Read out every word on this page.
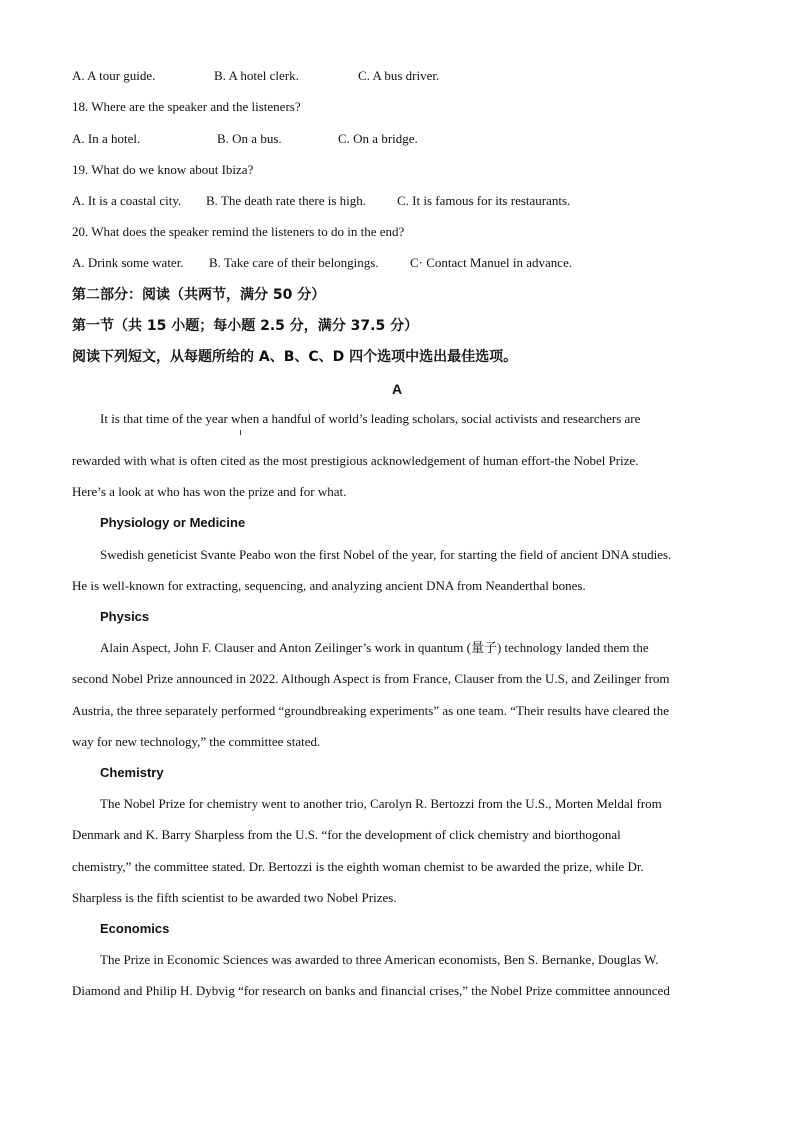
A. A tour guide.	B. A hotel clerk.	C. A bus driver.
18. Where are the speaker and the listeners?
A. In a hotel.	B. On a bus.	C. On a bridge.
19. What do we know about Ibiza?
A. It is a coastal city. B. The death rate there is high. C. It is famous for its restaurants.
20. What does the speaker remind the listeners to do in the end?
A. Drink some water. B. Take care of their belongings. C· Contact Manuel in advance.
第二部分：阅读（共两节，满分 50 分）
第一节（共 15 小题；每小题 2.5 分，满分 37.5 分）
阅读下列短文，从每题所给的 A、B、C、D 四个选项中选出最佳选项。
A
It is that time of the year when a handful of world’s leading scholars, social activists and researchers are
rewarded with what is often cited as the most prestigious acknowledgement of human effort-the Nobel Prize.
Here’s a look at who has won the prize and for what.
Physiology or Medicine
Swedish geneticist Svante Peabo won the first Nobel of the year, for starting the field of ancient DNA studies.
He is well-known for extracting, sequencing, and analyzing ancient DNA from Neanderthal bones.
Physics
Alain Aspect, John F. Clauser and Anton Zeilinger’s work in quantum (量子) technology landed them the
second Nobel Prize announced in 2022. Although Aspect is from France, Clauser from the U.S, and Zeilinger from
Austria, the three separately performed “groundbreaking experiments” as one team. “Their results have cleared the
way for new technology,” the committee stated.
Chemistry
The Nobel Prize for chemistry went to another trio, Carolyn R. Bertozzi from the U.S., Morten Meldal from
Denmark and K. Barry Sharpless from the U.S. “for the development of click chemistry and biorthogonal
chemistry,” the committee stated. Dr. Bertozzi is the eighth woman chemist to be awarded the prize, while Dr.
Sharpless is the fifth scientist to be awarded two Nobel Prizes.
Economics
The Prize in Economic Sciences was awarded to three American economists, Ben S. Bernanke, Douglas W.
Diamond and Philip H. Dybvig “for research on banks and financial crises,” the Nobel Prize committee announced
